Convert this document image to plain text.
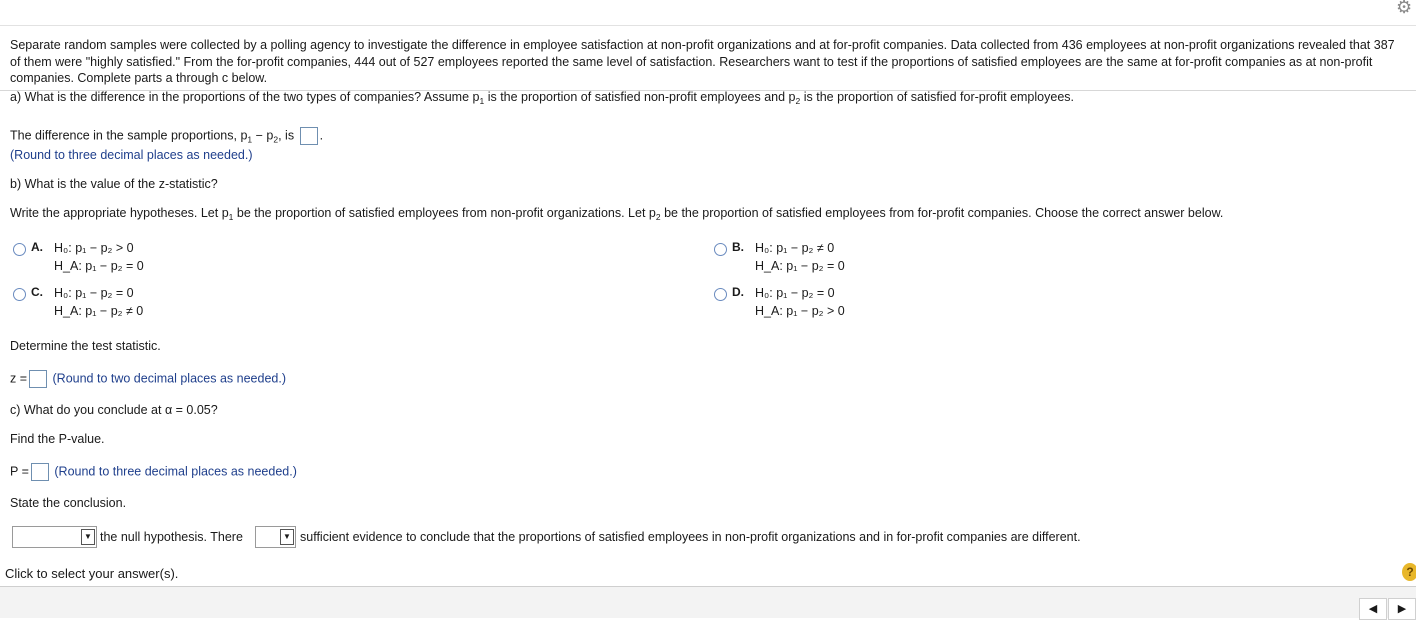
⚙
Separate random samples were collected by a polling agency to investigate the difference in employee satisfaction at non-profit organizations and at for-profit companies. Data collected from 436 employees at non-profit organizations revealed that 387 of them were "highly satisfied." From the for-profit companies, 444 out of 527 employees reported the same level of satisfaction. Researchers want to test if the proportions of satisfied employees are the same at for-profit companies as at non-profit companies. Complete parts a through c below.
a) What is the difference in the proportions of the two types of companies? Assume $p_1$ is the proportion of satisfied non-profit employees and $p_2$ is the proportion of satisfied for-profit employees.
The difference in the sample proportions, $p_1 - p_2$, is .
(Round to three decimal places as needed.)
b) What is the value of the z-statistic?
Write the appropriate hypotheses. Let $p_1$ be the proportion of satisfied employees from non-profit organizations. Let $p_2$ be the proportion of satisfied employees from for-profit companies. Choose the correct answer below.
A. H₀: p₁ − p₂ > 0
H_A: p₁ − p₂ = 0
B. H₀: p₁ − p₂ ≠ 0
H_A: p₁ − p₂ = 0
C. H₀: p₁ − p₂ = 0
H_A: p₁ − p₂ ≠ 0
D. H₀: p₁ − p₂ = 0
H_A: p₁ − p₂ > 0
Determine the test statistic.
z = (Round to two decimal places as needed.)
c) What do you conclude at α = 0.05?
Find the P-value.
P = (Round to three decimal places as needed.)
State the conclusion.
▼ the null hypothesis. There	▼ sufficient evidence to conclude that the proportions of satisfied employees in non-profit organizations and in for-profit companies are different.
Click to select your answer(s).	?
◀	▶
